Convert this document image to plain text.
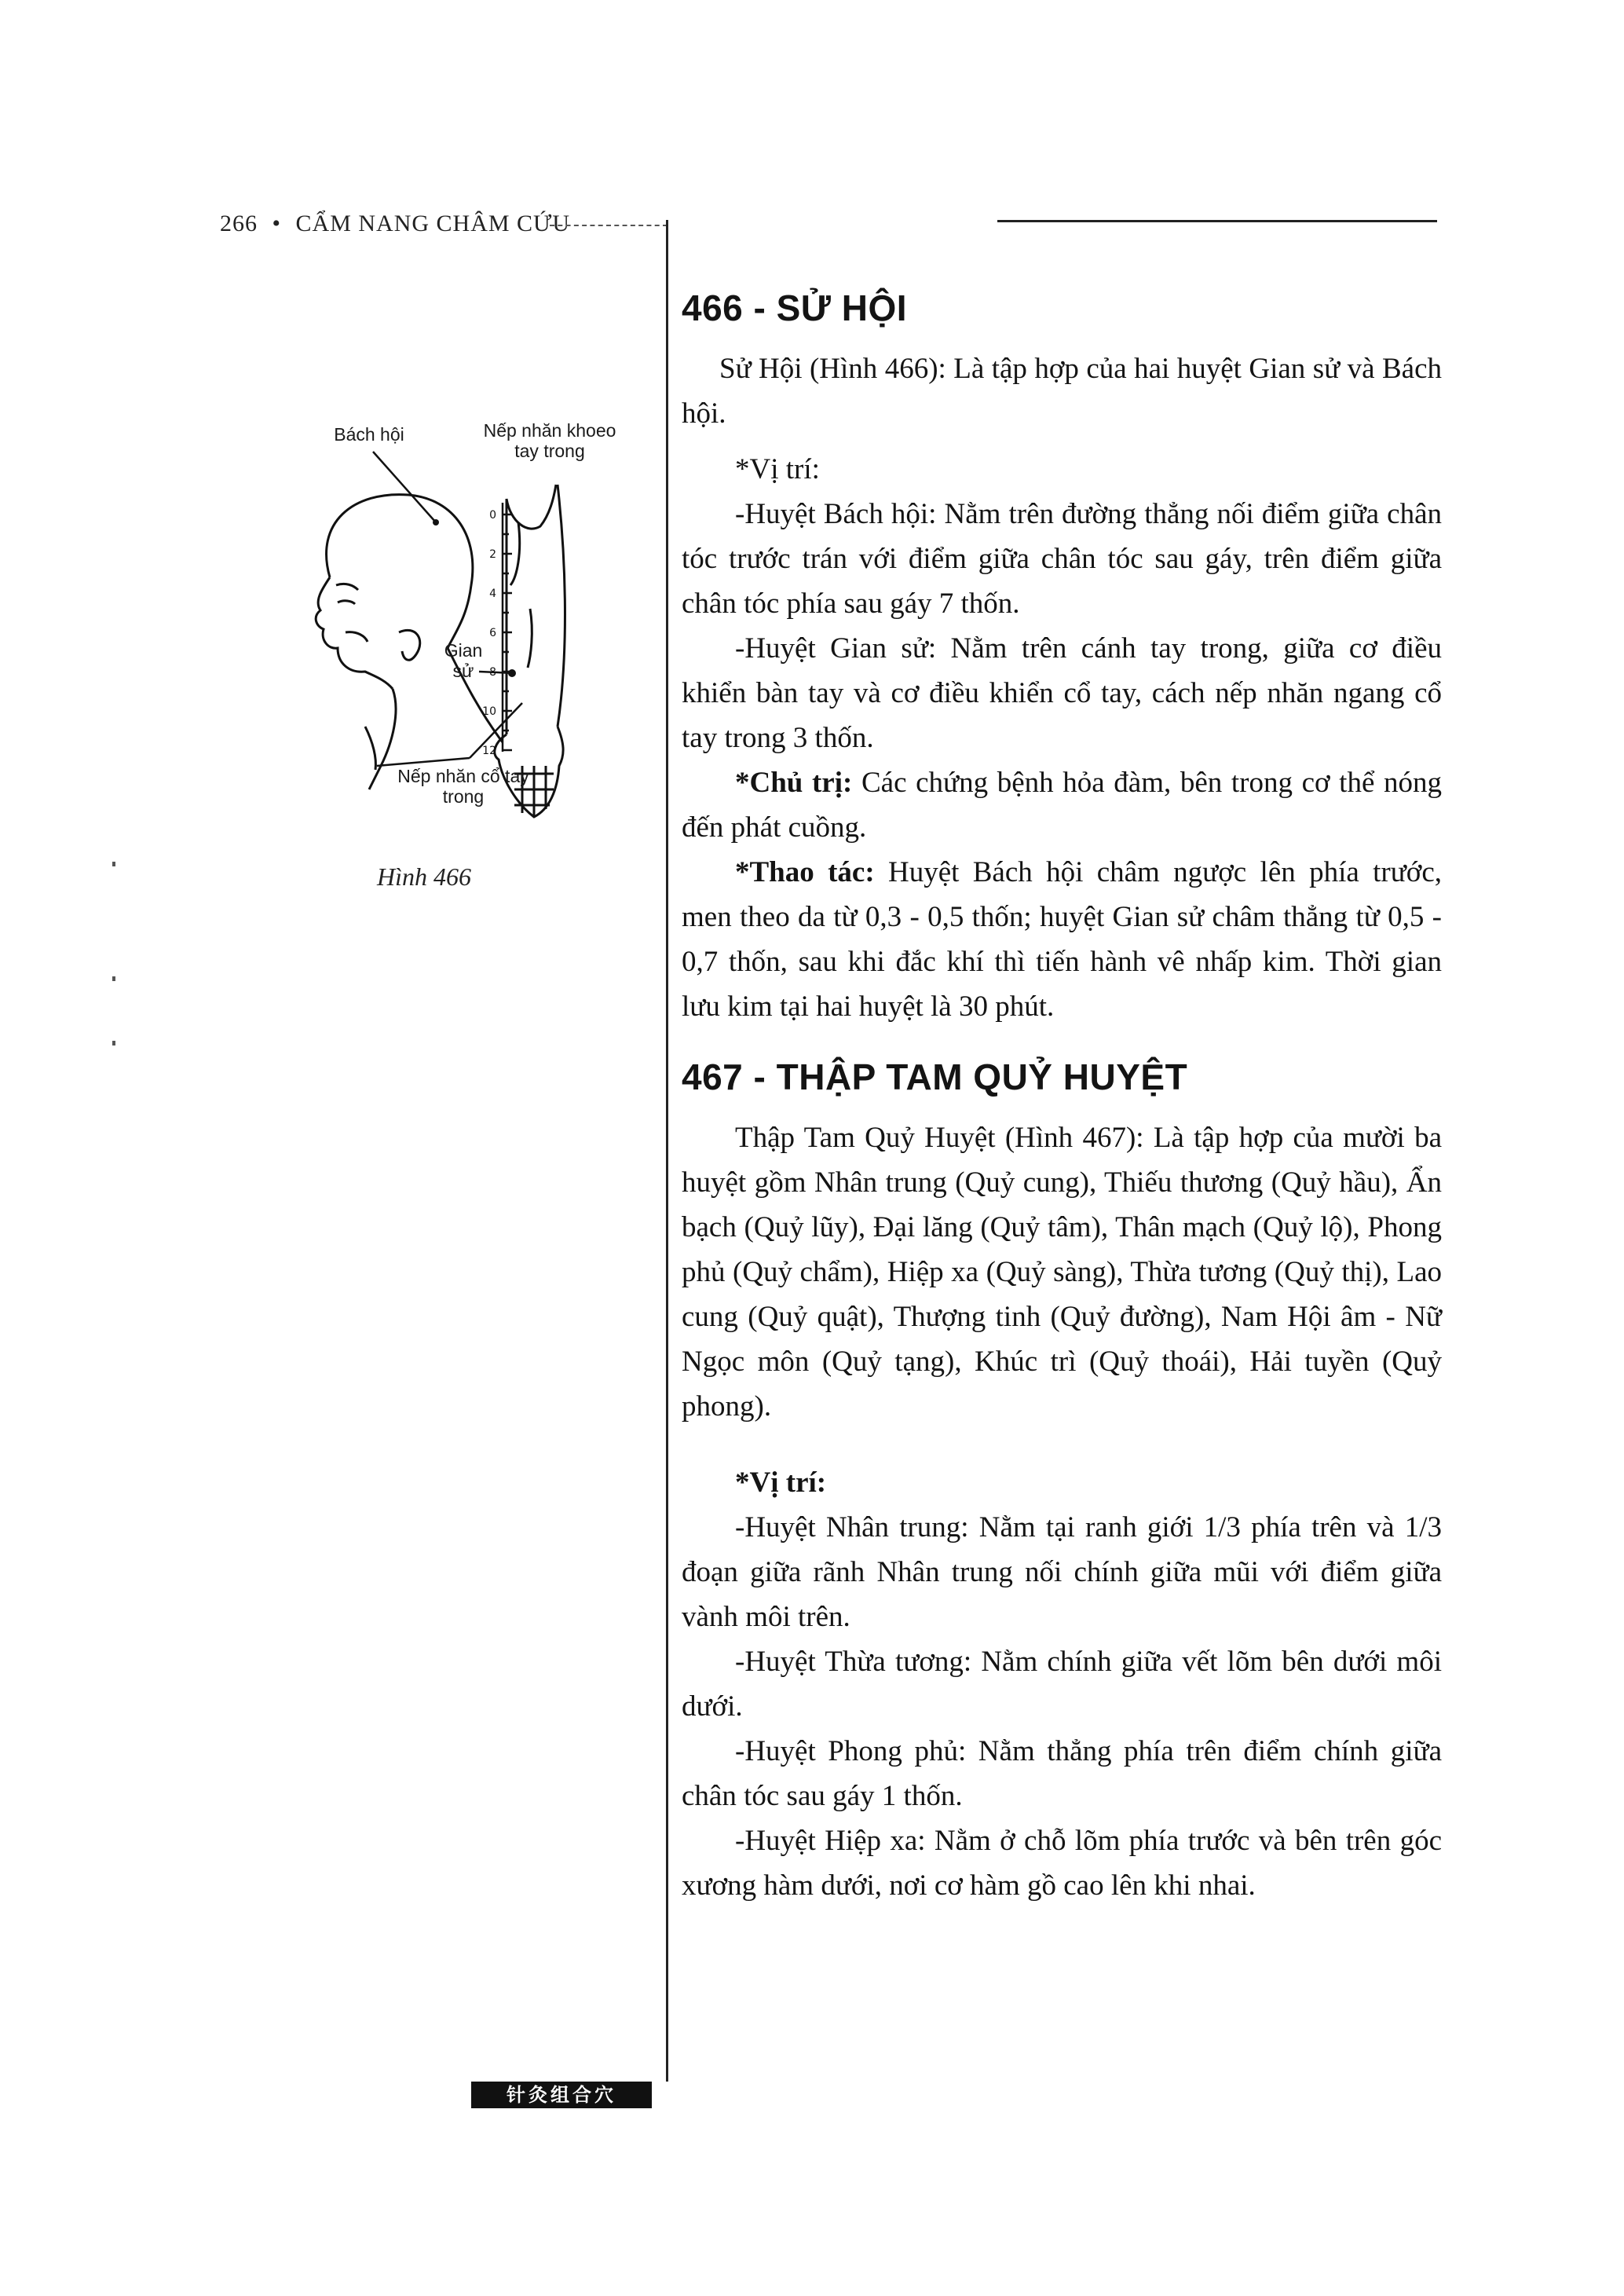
266 • CẨM NANG CHÂM CỨU
0
2
4
6
8
10
12
Bách hội	Nếp nhăn khoeo tay trong
Gian sử
Nếp nhăn cổ tay trong
Hình 466
466 - SỬ HỘI

Sử Hội (Hình 466): Là tập hợp của hai huyệt Gian sử và Bách hội.

*Vị trí:

-Huyệt Bách hội: Nằm trên đường thẳng nối điểm giữa chân tóc trước trán với điểm giữa chân tóc sau gáy, trên điểm giữa chân tóc phía sau gáy 7 thốn.

-Huyệt Gian sử: Nằm trên cánh tay trong, giữa cơ điều khiển bàn tay và cơ điều khiển cổ tay, cách nếp nhăn ngang cổ tay trong 3 thốn.

*Chủ trị: Các chứng bệnh hỏa đàm, bên trong cơ thể nóng đến phát cuồng.

*Thao tác: Huyệt Bách hội châm ngược lên phía trước, men theo da từ 0,3 - 0,5 thốn; huyệt Gian sử châm thẳng từ 0,5 - 0,7 thốn, sau khi đắc khí thì tiến hành vê nhấp kim. Thời gian lưu kim tại hai huyệt là 30 phút.

467 - THẬP TAM QUỶ HUYỆT

Thập Tam Quỷ Huyệt (Hình 467): Là tập hợp của mười ba huyệt gồm Nhân trung (Quỷ cung), Thiếu thương (Quỷ hầu), Ẩn bạch (Quỷ lũy), Đại lăng (Quỷ tâm), Thân mạch (Quỷ lộ), Phong phủ (Quỷ chẩm), Hiệp xa (Quỷ sàng), Thừa tương (Quỷ thị), Lao cung (Quỷ quật), Thượng tinh (Quỷ đường), Nam Hội âm - Nữ Ngọc môn (Quỷ tạng), Khúc trì (Quỷ thoái), Hải tuyền (Quỷ phong).

*Vị trí:

-Huyệt Nhân trung: Nằm tại ranh giới 1/3 phía trên và 1/3 đoạn giữa rãnh Nhân trung nối chính giữa mũi với điểm giữa vành môi trên.

-Huyệt Thừa tương: Nằm chính giữa vết lõm bên dưới môi dưới.

-Huyệt Phong phủ: Nằm thẳng phía trên điểm chính giữa chân tóc sau gáy 1 thốn.

-Huyệt Hiệp xa: Nằm ở chỗ lõm phía trước và bên trên góc xương hàm dưới, nơi cơ hàm gồ cao lên khi nhai.

针灸组合穴
